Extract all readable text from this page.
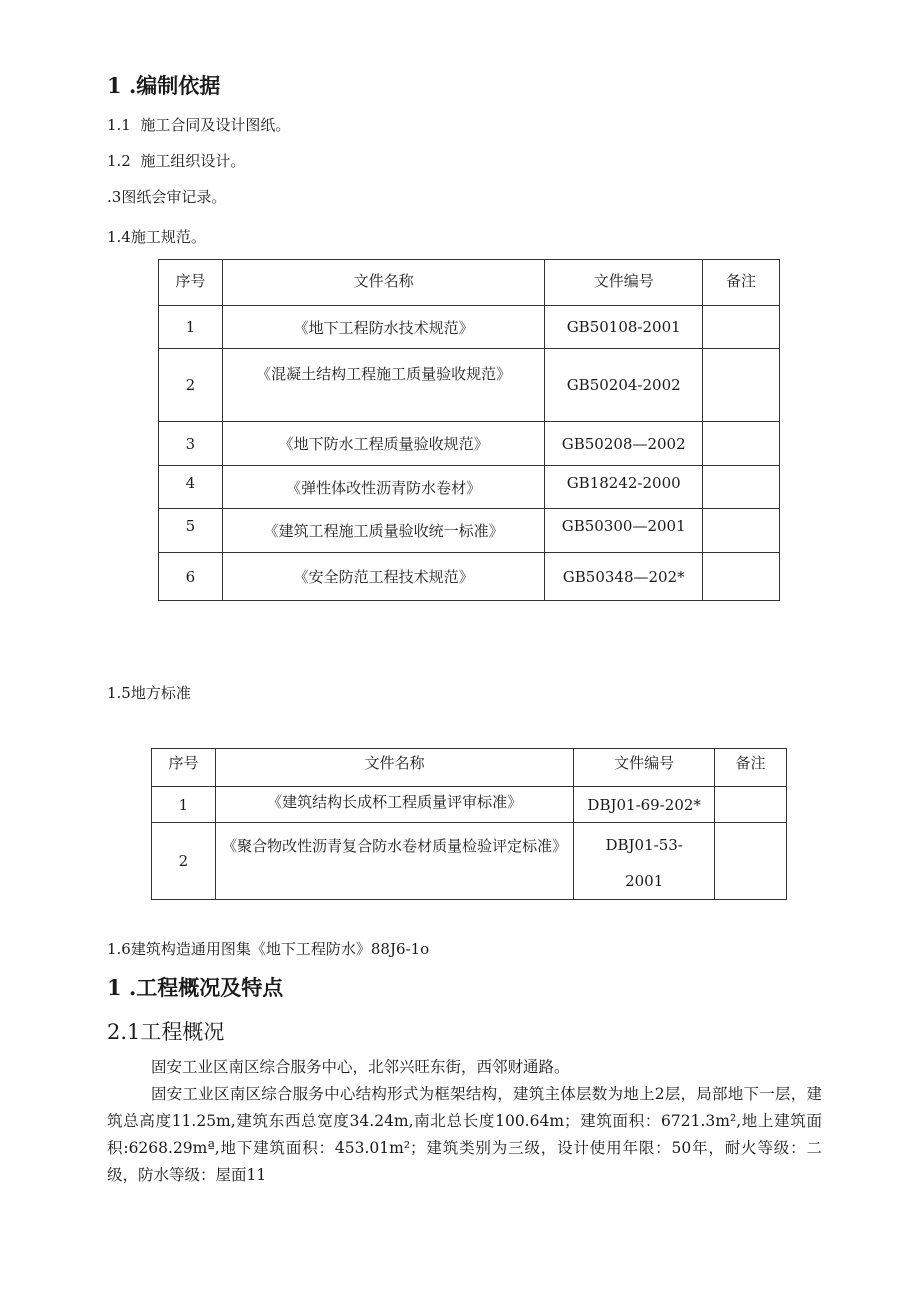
1 .编制依据
1.1 施工合同及设计图纸。
1.2 施工组织设计。
.3图纸会审记录。
1.4施工规范。
序号	文件名称	文件编号	备注
1	《地下工程防水技术规范》	GB50108-2001	
2	《混凝土结构工程施工质量验收规范》	GB50204-2002	
3	《地下防水工程质量验收规范》	GB50208—2002	
4	《弹性体改性沥青防水卷材》	GB18242-2000	
5	《建筑工程施工质量验收统一标准》	GB50300—2001	
6	《安全防范工程技术规范》	GB50348—202*	
1.5地方标准
序号	文件名称	文件编号	备注
1	《建筑结构长成杯工程质量评审标准》	DBJ01-69-202*	
2	《聚合物改性沥青复合防水卷材质量检验评定标准》	DBJ01-53-
2001	

1.6建筑构造通用图集《地下工程防水》88J6-1o
1 .工程概况及特点
2.1工程概况
固安工业区南区综合服务中心，北邻兴旺东街，西邻财通路。
固安工业区南区综合服务中心结构形式为框架结构，建筑主体层数为地上2层，局部地下一层，建筑总高度11.25m,建筑东西总宽度34.24m,南北总长度100.64m；建筑面积：6721.3m²,地上建筑面积:6268.29mª,地下建筑面积：453.01m²；建筑类别为三级，设计使用年限：50年，耐火等级：二级，防水等级：屋面11
